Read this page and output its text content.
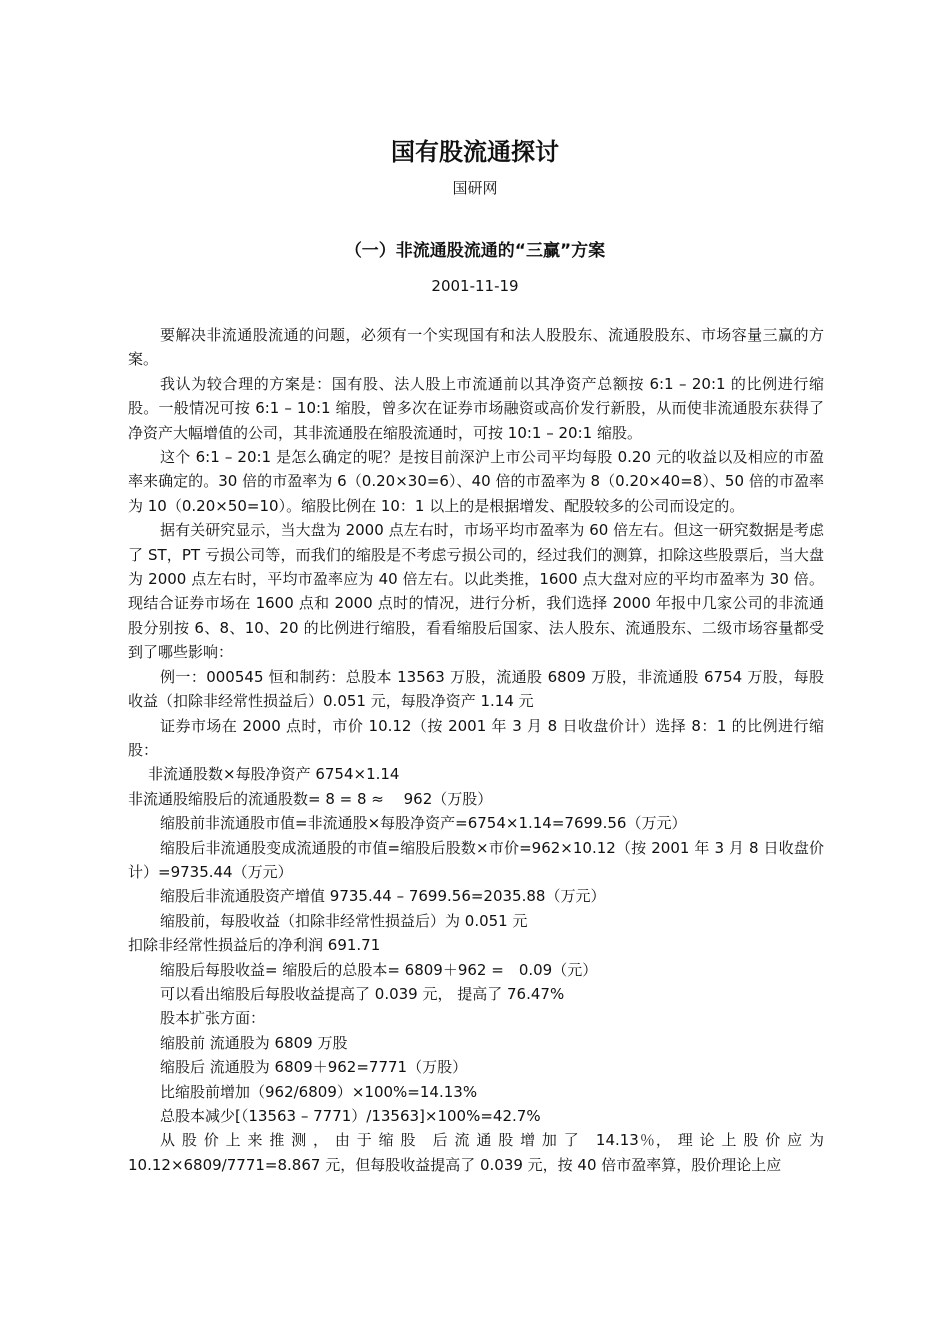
国有股流通探讨
国研网
（一）非流通股流通的“三赢”方案
2001-11-19

要解决非流通股流通的问题，必须有一个实现国有和法人股股东、流通股股东、市场容量三赢的方案。

我认为较合理的方案是：国有股、法人股上市流通前以其净资产总额按 6:1 – 20:1 的比例进行缩股。一般情况可按 6:1 – 10:1 缩股，曾多次在证券市场融资或高价发行新股，从而使非流通股东获得了净资产大幅增值的公司，其非流通股在缩股流通时，可按 10:1 – 20:1 缩股。

这个 6:1 – 20:1 是怎么确定的呢？是按目前深沪上市公司平均每股 0.20 元的收益以及相应的市盈率来确定的。30 倍的市盈率为 6（0.20×30=6）、40 倍的市盈率为 8（0.20×40=8）、50 倍的市盈率为 10（0.20×50=10）。缩股比例在 10：1 以上的是根据增发、配股较多的公司而设定的。

据有关研究显示，当大盘为 2000 点左右时，市场平均市盈率为 60 倍左右。但这一研究数据是考虑了 ST，PT 亏损公司等，而我们的缩股是不考虑亏损公司的，经过我们的测算，扣除这些股票后，当大盘为 2000 点左右时，平均市盈率应为 40 倍左右。以此类推，1600 点大盘对应的平均市盈率为 30 倍。现结合证券市场在 1600 点和 2000 点时的情况，进行分析，我们选择 2000 年报中几家公司的非流通股分别按 6、8、10、20 的比例进行缩股，看看缩股后国家、法人股东、流通股东、二级市场容量都受到了哪些影响：

例一：000545 恒和制药：总股本 13563 万股，流通股 6809 万股，非流通股 6754 万股，每股收益（扣除非经常性损益后）0.051 元，每股净资产 1.14 元

证券市场在 2000 点时，市价 10.12（按 2001 年 3 月 8 日收盘价计）选择 8：1 的比例进行缩股：

非流通股数×每股净资产 6754×1.14

非流通股缩股后的流通股数= 8 = 8 ≈　 962（万股）

缩股前非流通股市值=非流通股×每股净资产=6754×1.14=7699.56（万元）

缩股后非流通股变成流通股的市值=缩股后股数×市价=962×10.12（按 2001 年 3 月 8 日收盘价计）=9735.44（万元）

缩股后非流通股资产增值 9735.44 – 7699.56=2035.88（万元）

缩股前，每股收益（扣除非经常性损益后）为 0.051 元

扣除非经常性损益后的净利润 691.71

缩股后每股收益= 缩股后的总股本= 6809＋962 =　0.09（元）

可以看出缩股后每股收益提高了 0.039 元， 提高了 76.47%

股本扩张方面：

缩股前 流通股为 6809 万股

缩股后 流通股为 6809＋962=7771（万股）

比缩股前增加（962/6809）×100%=14.13%

总股本减少[（13563 – 7771）/13563]×100%=42.7%

从 股 价 上 来 推 测 ， 由 于 缩 股　后 流 通 股 增 加 了　14.13％， 理 论 上 股 价 应 为 10.12×6809/7771=8.867 元，但每股收益提高了 0.039 元，按 40 倍市盈率算，股价理论上应
